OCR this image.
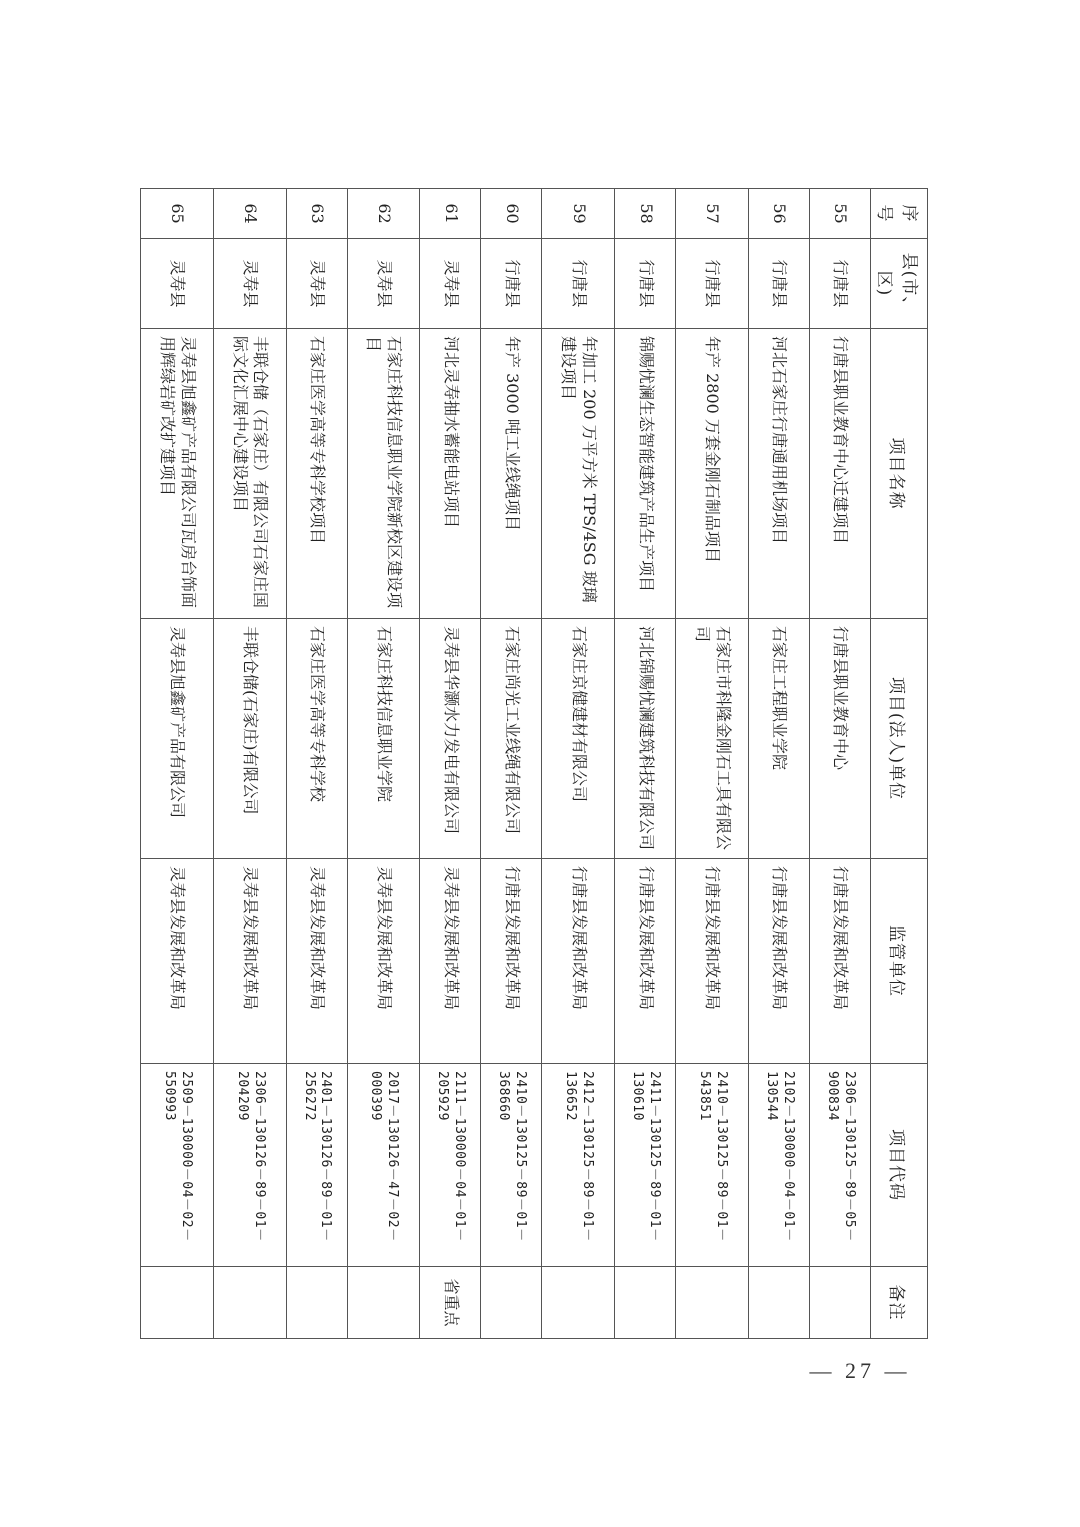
序号	县(市、区)	项目名称	项目(法人)单位	监管单位	项目代码	备注
55	行唐县	行唐县职业教育中心迁建项目	行唐县职业教育中心	行唐县发展和改革局	2306－130125－89－05－900834	
56	行唐县	河北石家庄行唐通用机场项目	石家庄工程职业学院	行唐县发展和改革局	2102－130000－04－01－130544	
57	行唐县	年产 2800 万套金刚石制品项目	石家庄市科隆金刚石工具有限公司	行唐县发展和改革局	2410－130125－89－01－543851	
58	行唐县	锦赐忧澜生态智能建筑产品生产项目	河北锦赐忧澜建筑科技有限公司	行唐县发展和改革局	2411－130125－89－01－130610	
59	行唐县	年加工 200 万平方米 TPS/4SG 玻璃建设项目	石家庄京健建材有限公司	行唐县发展和改革局	2412－130125－89－01－136652	
60	行唐县	年产 3000 吨工业线绳项目	石家庄尚光工业线绳有限公司	行唐县发展和改革局	2410－130125－89－01－368660	
61	灵寿县	河北灵寿抽水蓄能电站项目	灵寿县华灏水力发电有限公司	灵寿县发展和改革局	2111－130000－04－01－205929	省重点
62	灵寿县	石家庄科技信息职业学院新校区建设项目	石家庄科技信息职业学院	灵寿县发展和改革局	2017－130126－47－02－000399	
63	灵寿县	石家庄医学高等专科学校项目	石家庄医学高等专科学校	灵寿县发展和改革局	2401－130126－89－01－256272	
64	灵寿县	丰联仓储（石家庄）有限公司石家庄国际文化汇展中心建设项目	丰联仓储(石家庄)有限公司	灵寿县发展和改革局	2306－130126－89－01－204209	
65	灵寿县	灵寿县旭鑫矿产品有限公司瓦房台饰面用辉绿岩矿改扩建项目	灵寿县旭鑫矿产品有限公司	灵寿县发展和改革局	2509－130000－04－02－550993	
— 27 —
